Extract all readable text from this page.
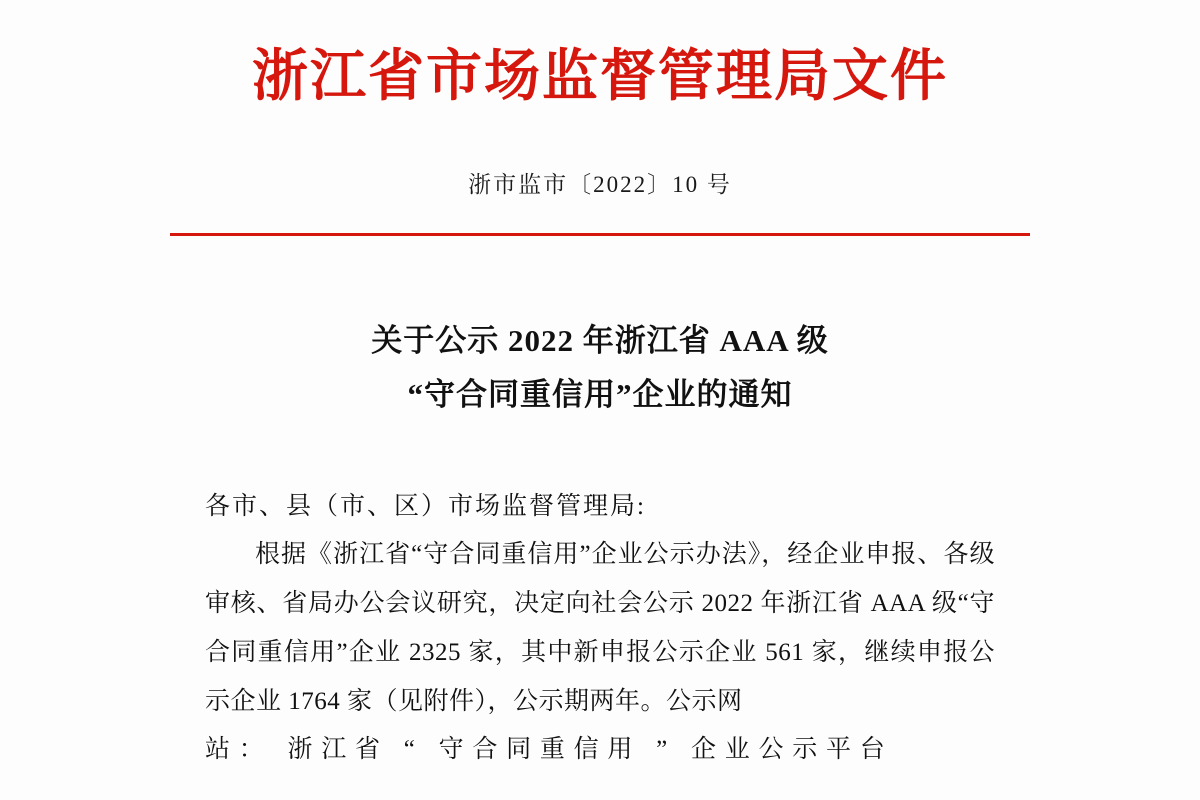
浙江省市场监督管理局文件
浙市监市〔2022〕10 号
关于公示 2022 年浙江省 AAA 级
“守合同重信用”企业的通知

各市、县（市、区）市场监督管理局:

根据《浙江省“守合同重信用”企业公示办法》，经企业申报、各级审核、省局办公会议研究，决定向社会公示 2022 年浙江省 AAA 级“守合同重信用”企业 2325 家，其中新申报公示企业 561 家，继续申报公示企业 1764 家（见附件），公示期两年。公示网

站： 浙江省 “ 守合同重信用 ” 企业公示平台
